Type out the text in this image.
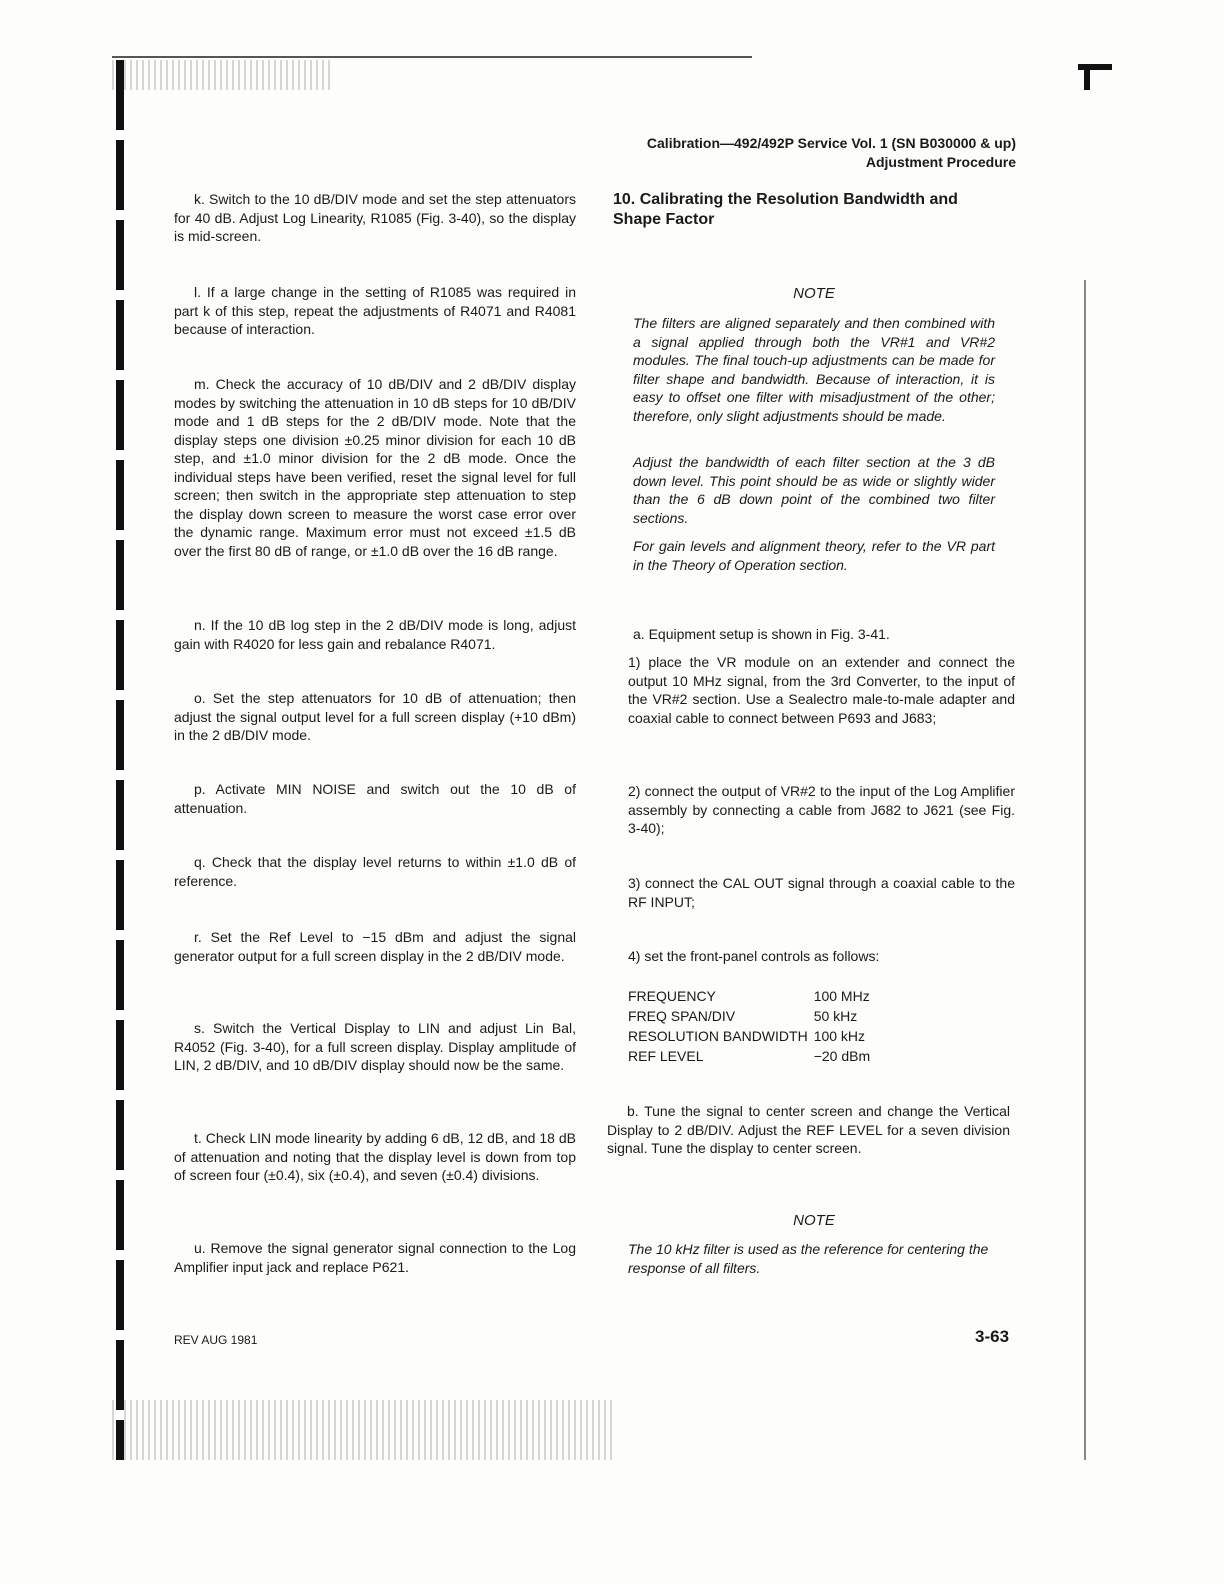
Calibration—492/492P Service Vol. 1 (SN B030000 & up)
Adjustment Procedure

k. Switch to the 10 dB/DIV mode and set the step attenuators for 40 dB. Adjust Log Linearity, R1085 (Fig. 3-40), so the display is mid-screen.

l. If a large change in the setting of R1085 was required in part k of this step, repeat the adjustments of R4071 and R4081 because of interaction.

m. Check the accuracy of 10 dB/DIV and 2 dB/DIV display modes by switching the attenuation in 10 dB steps for 10 dB/DIV mode and 1 dB steps for the 2 dB/DIV mode. Note that the display steps one division ±0.25 minor division for each 10 dB step, and ±1.0 minor division for the 2 dB mode. Once the individual steps have been verified, reset the signal level for full screen; then switch in the appropriate step attenuation to step the display down screen to measure the worst case error over the dynamic range. Maximum error must not exceed ±1.5 dB over the first 80 dB of range, or ±1.0 dB over the 16 dB range.

n. If the 10 dB log step in the 2 dB/DIV mode is long, adjust gain with R4020 for less gain and rebalance R4071.

o. Set the step attenuators for 10 dB of attenuation; then adjust the signal output level for a full screen display (+10 dBm) in the 2 dB/DIV mode.

p. Activate MIN NOISE and switch out the 10 dB of attenuation.

q. Check that the display level returns to within ±1.0 dB of reference.

r. Set the Ref Level to −15 dBm and adjust the signal generator output for a full screen display in the 2 dB/DIV mode.

s. Switch the Vertical Display to LIN and adjust Lin Bal, R4052 (Fig. 3-40), for a full screen display. Display amplitude of LIN, 2 dB/DIV, and 10 dB/DIV display should now be the same.

t. Check LIN mode linearity by adding 6 dB, 12 dB, and 18 dB of attenuation and noting that the display level is down from top of screen four (±0.4), six (±0.4), and seven (±0.4) divisions.

u. Remove the signal generator signal connection to the Log Amplifier input jack and replace P621.

10. Calibrating the Resolution Bandwidth and Shape Factor
NOTE

The filters are aligned separately and then combined with a signal applied through both the VR#1 and VR#2 modules. The final touch-up adjustments can be made for filter shape and bandwidth. Because of interaction, it is easy to offset one filter with misadjustment of the other; therefore, only slight adjustments should be made.

Adjust the bandwidth of each filter section at the 3 dB down level. This point should be as wide or slightly wider than the 6 dB down point of the combined two filter sections.

For gain levels and alignment theory, refer to the VR part in the Theory of Operation section.

a. Equipment setup is shown in Fig. 3-41.

1) place the VR module on an extender and connect the output 10 MHz signal, from the 3rd Converter, to the input of the VR#2 section. Use a Sealectro male-to-male adapter and coaxial cable to connect between P693 and J683;

2) connect the output of VR#2 to the input of the Log Amplifier assembly by connecting a cable from J682 to J621 (see Fig. 3-40);

3) connect the CAL OUT signal through a coaxial cable to the RF INPUT;

4) set the front-panel controls as follows:

FREQUENCY	100 MHz
FREQ SPAN/DIV	50 kHz
RESOLUTION BANDWIDTH	100 kHz
REF LEVEL	−20 dBm

b. Tune the signal to center screen and change the Vertical Display to 2 dB/DIV. Adjust the REF LEVEL for a seven division signal. Tune the display to center screen.

NOTE

The 10 kHz filter is used as the reference for centering the response of all filters.

REV AUG 1981	3-63
